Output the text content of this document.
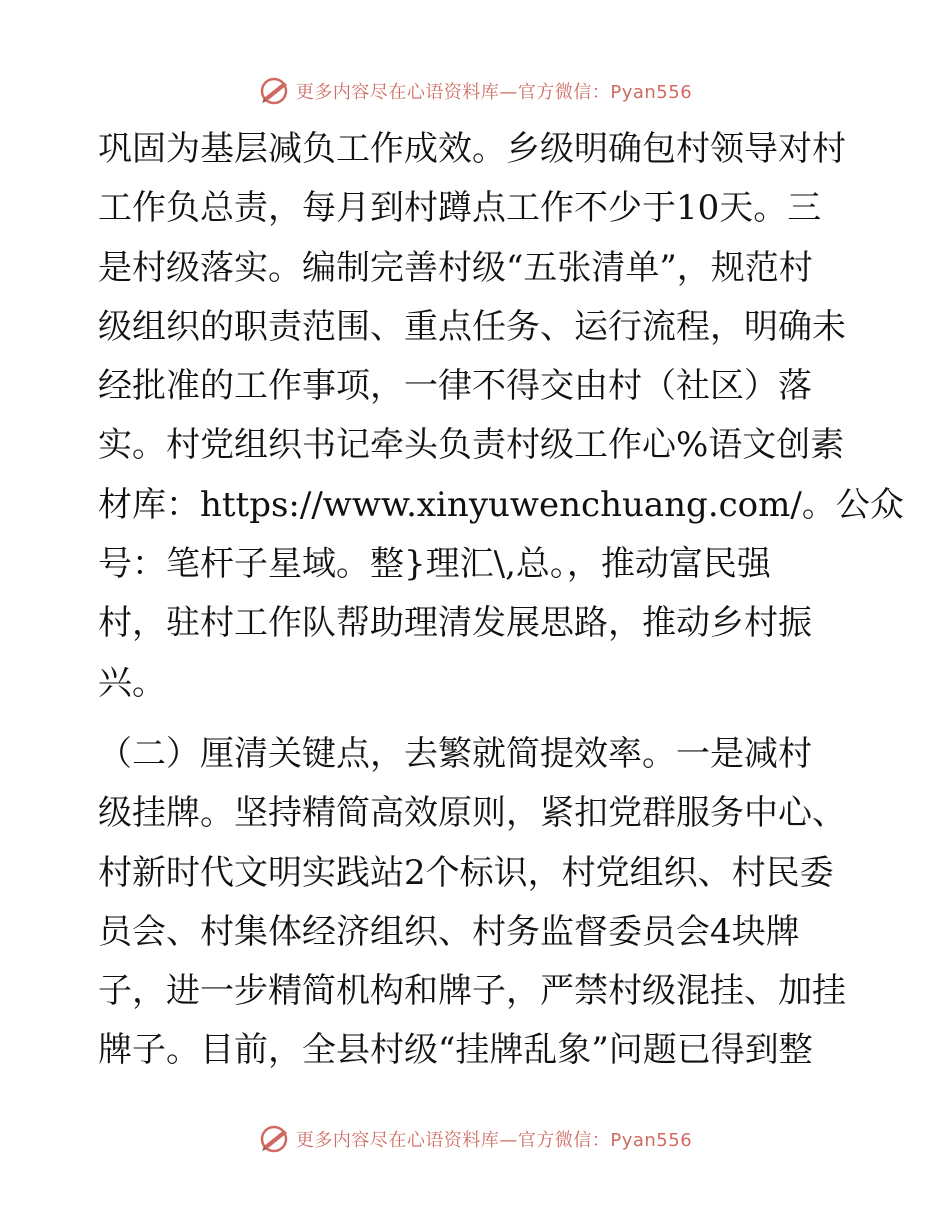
更多内容尽在心语资料库—官方微信：Pyan556
巩固为基层减负工作成效。乡级明确包村领导对村
工作负总责，每月到村蹲点工作不少于10天。三
是村级落实。编制完善村级“五张清单”，规范村
级组织的职责范围、重点任务、运行流程，明确未
经批准的工作事项，一律不得交由村（社区）落
实。村党组织书记牵头负责村级工作心%语文创素
材库：https://www.xinyuwenchuang.com/。公众
号：笔杆子星域。整}理汇\,总。，推动富民强
村，驻村工作队帮助理清发展思路，推动乡村振
兴。
（二）厘清关键点，去繁就简提效率。一是减村
级挂牌。坚持精简高效原则，紧扣党群服务中心、
村新时代文明实践站2个标识，村党组织、村民委
员会、村集体经济组织、村务监督委员会4块牌
子，进一步精简机构和牌子，严禁村级混挂、加挂
牌子。目前，全县村级“挂牌乱象”问题已得到整
更多内容尽在心语资料库—官方微信：Pyan556
